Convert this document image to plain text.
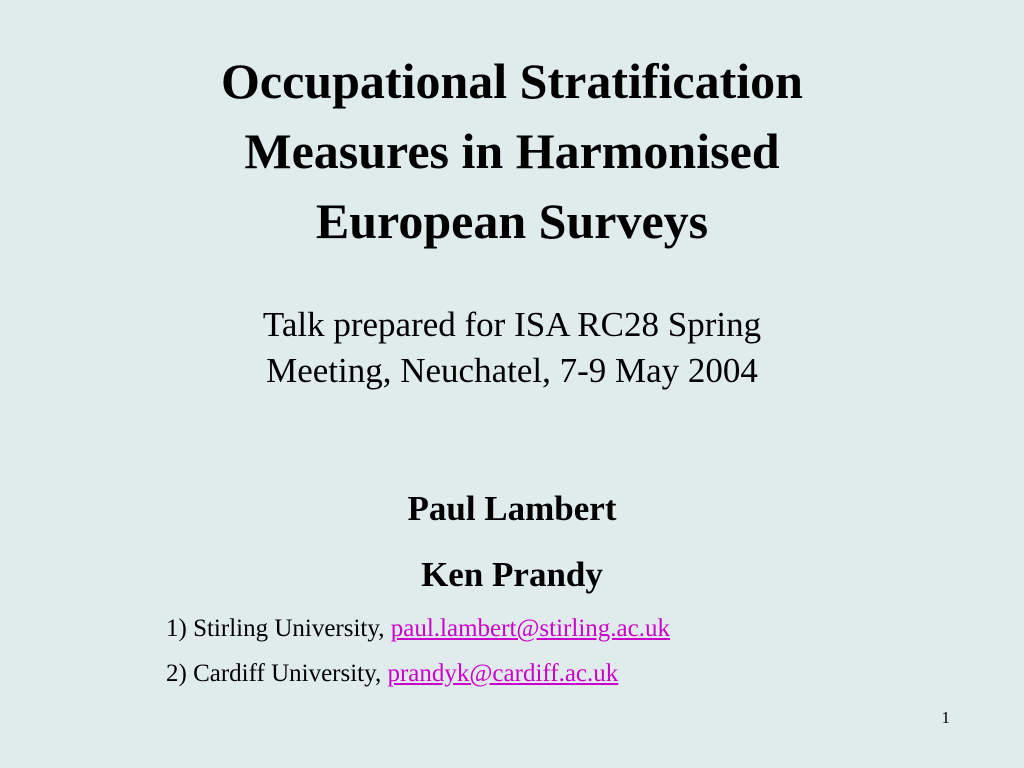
Occupational Stratification
Measures in Harmonised
European Surveys
Talk prepared for ISA RC28 Spring
Meeting, Neuchatel, 7-9 May 2004
Paul Lambert
Ken Prandy
1) Stirling University, paul.lambert@stirling.ac.uk
2) Cardiff University, prandyk@cardiff.ac.uk
1
